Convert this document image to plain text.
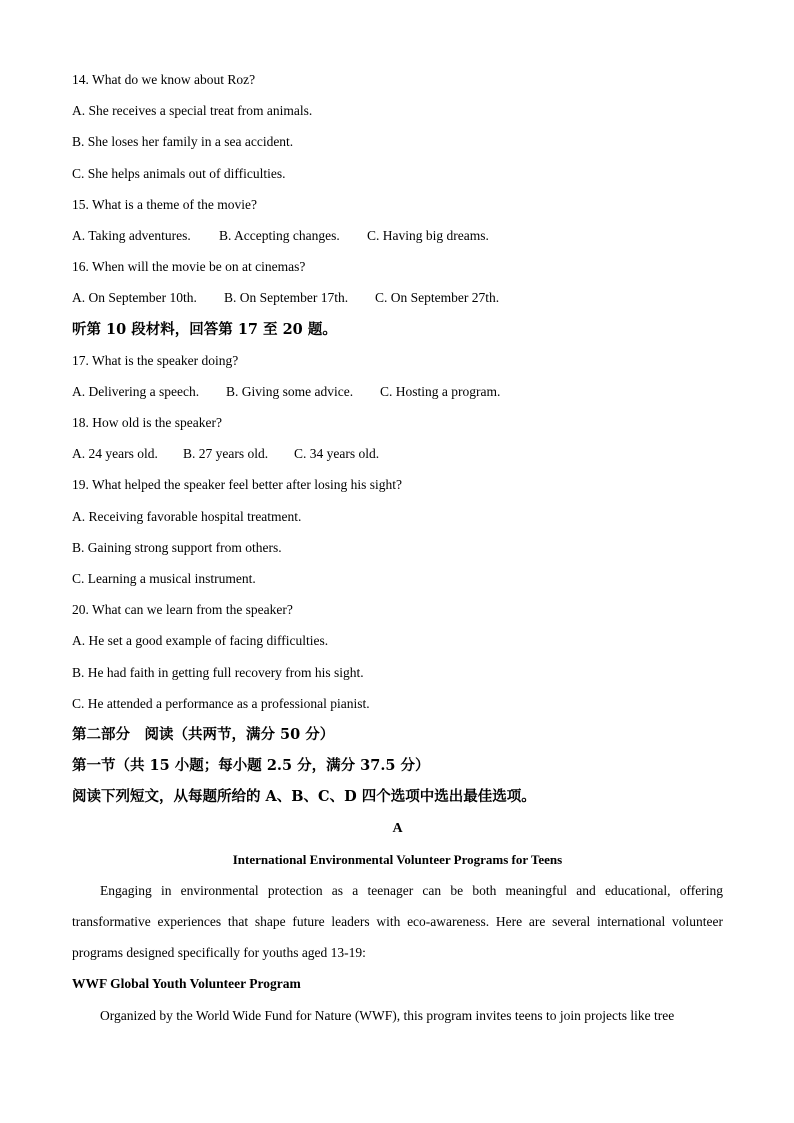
14. What do we know about Roz?
A. She receives a special treat from animals.
B. She loses her family in a sea accident.
C. She helps animals out of difficulties.
15. What is a theme of the movie?
A. Taking adventures. B. Accepting changes. C. Having big dreams.
16. When will the movie be on at cinemas?
A. On September 10th. B. On September 17th. C. On September 27th.
听第 10 段材料，回答第 17 至 20 题。
17. What is the speaker doing?
A. Delivering a speech. B. Giving some advice. C. Hosting a program.
18. How old is the speaker?
A. 24 years old. B. 27 years old. C. 34 years old.
19. What helped the speaker feel better after losing his sight?
A. Receiving favorable hospital treatment.
B. Gaining strong support from others.
C. Learning a musical instrument.
20. What can we learn from the speaker?
A. He set a good example of facing difficulties.
B. He had faith in getting full recovery from his sight.
C. He attended a performance as a professional pianist.
第二部分　阅读（共两节，满分 50 分）
第一节（共 15 小题；每小题 2.5 分，满分 37.5 分）
阅读下列短文，从每题所给的 A、B、C、D 四个选项中选出最佳选项。
A
International Environmental Volunteer Programs for Teens
Engaging in environmental protection as a teenager can be both meaningful and educational, offering transformative experiences that shape future leaders with eco-awareness. Here are several international volunteer programs designed specifically for youths aged 13-19:
WWF Global Youth Volunteer Program
Organized by the World Wide Fund for Nature (WWF), this program invites teens to join projects like tree
